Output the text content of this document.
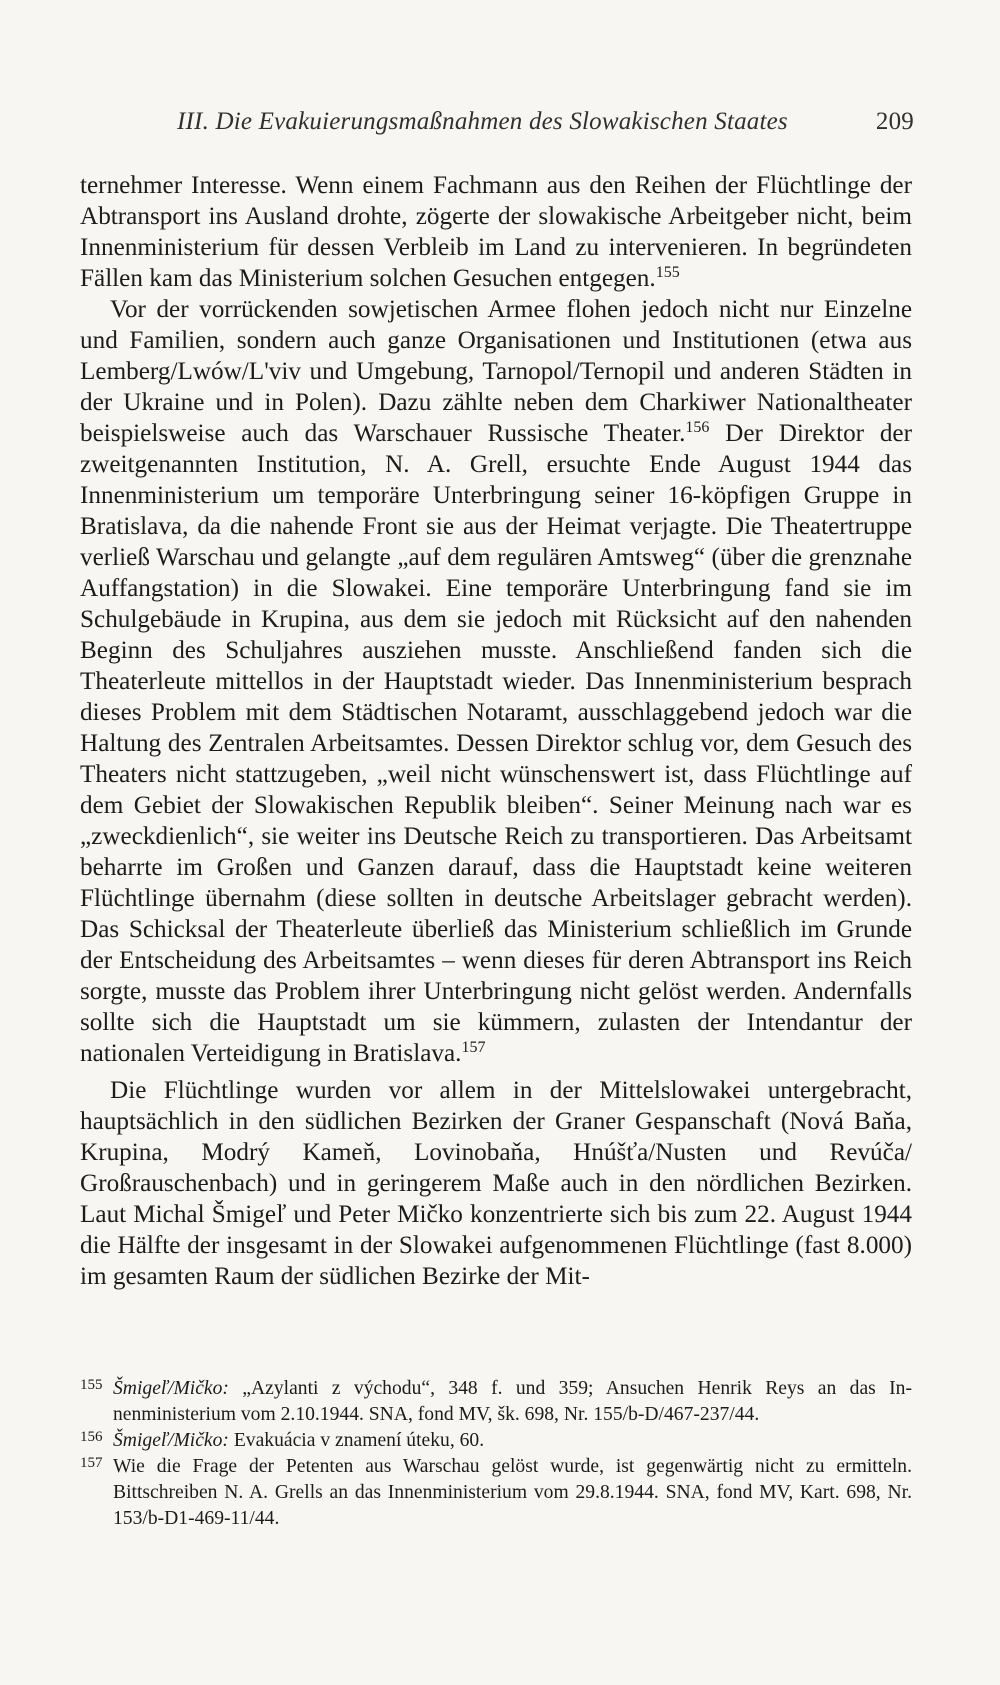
III. Die Evakuierungsmaßnahmen des Slowakischen Staates	209

ternehmer Interesse. Wenn einem Fachmann aus den Reihen der Flüchtlinge der Abtransport ins Ausland drohte, zögerte der slowakische Arbeitgeber nicht, beim Innenministerium für dessen Verbleib im Land zu intervenieren. In begründeten Fällen kam das Ministerium solchen Gesuchen entgegen.$^{155}$

Vor der vorrückenden sowjetischen Armee flohen jedoch nicht nur Einzelne und Familien, sondern auch ganze Organisationen und Institutionen (etwa aus Lemberg/Lwów/L'viv und Umgebung, Tarnopol/Ternopil und anderen Städten in der Ukraine und in Polen). Dazu zählte neben dem Charkiwer Nationaltheater beispielsweise auch das Warschauer Russische Theater.$^{156}$ Der Direktor der zweitgenannten Institution, N. A. Grell, ersuchte Ende August 1944 das Innenministerium um temporäre Unterbringung seiner 16-köpfigen Gruppe in Bratislava, da die nahende Front sie aus der Heimat verjagte. Die Theatertruppe verließ Warschau und gelangte „auf dem regulären Amtsweg“ (über die grenznahe Auffangstation) in die Slowakei. Eine temporäre Unterbringung fand sie im Schulgebäude in Krupina, aus dem sie jedoch mit Rücksicht auf den nahenden Beginn des Schuljahres ausziehen musste. Anschließend fanden sich die Theaterleute mittellos in der Hauptstadt wieder. Das Innenministerium besprach dieses Problem mit dem Städtischen Notaramt, ausschlaggebend jedoch war die Haltung des Zentralen Arbeitsamtes. Dessen Direktor schlug vor, dem Gesuch des Theaters nicht stattzugeben, „weil nicht wünschenswert ist, dass Flüchtlinge auf dem Gebiet der Slowakischen Republik bleiben“. Seiner Meinung nach war es „zweckdienlich“, sie weiter ins Deutsche Reich zu transportieren. Das Arbeitsamt beharrte im Großen und Ganzen darauf, dass die Hauptstadt keine weiteren Flüchtlinge übernahm (diese sollten in deutsche Arbeitslager gebracht werden). Das Schicksal der Theaterleute überließ das Ministerium schließlich im Grunde der Entscheidung des Arbeitsamtes – wenn dieses für deren Abtransport ins Reich sorgte, musste das Problem ihrer Unterbringung nicht gelöst werden. Andernfalls sollte sich die Hauptstadt um sie kümmern, zulasten der Intendantur der nationalen Verteidigung in Bratislava.$^{157}$

Die Flüchtlinge wurden vor allem in der Mittelslowakei untergebracht, hauptsächlich in den südlichen Bezirken der Graner Gespanschaft (Nová Baňa, Krupina, Modrý Kameň, Lovinobaňa, Hnúšťa/Nusten und Revúča/ Großrauschenbach) und in geringerem Maße auch in den nördlichen Bezirken. Laut Michal Šmigeľ und Peter Mičko konzentrierte sich bis zum 22. August 1944 die Hälfte der insgesamt in der Slowakei aufgenommenen Flüchtlinge (fast 8.000) im gesamten Raum der südlichen Bezirke der Mit-

155 Šmigeľ/Mičko: „Azylanti z východu“, 348 f. und 359; Ansuchen Henrik Reys an das Innenministerium vom 2.10.1944. SNA, fond MV, šk. 698, Nr. 155/b-D/467-237/44.

156 Šmigeľ/Mičko: Evakuácia v znamení úteku, 60.

157 Wie die Frage der Petenten aus Warschau gelöst wurde, ist gegenwärtig nicht zu ermitteln. Bittschreiben N. A. Grells an das Innenministerium vom 29.8.1944. SNA, fond MV, Kart. 698, Nr. 153/b-D1-469-11/44.
